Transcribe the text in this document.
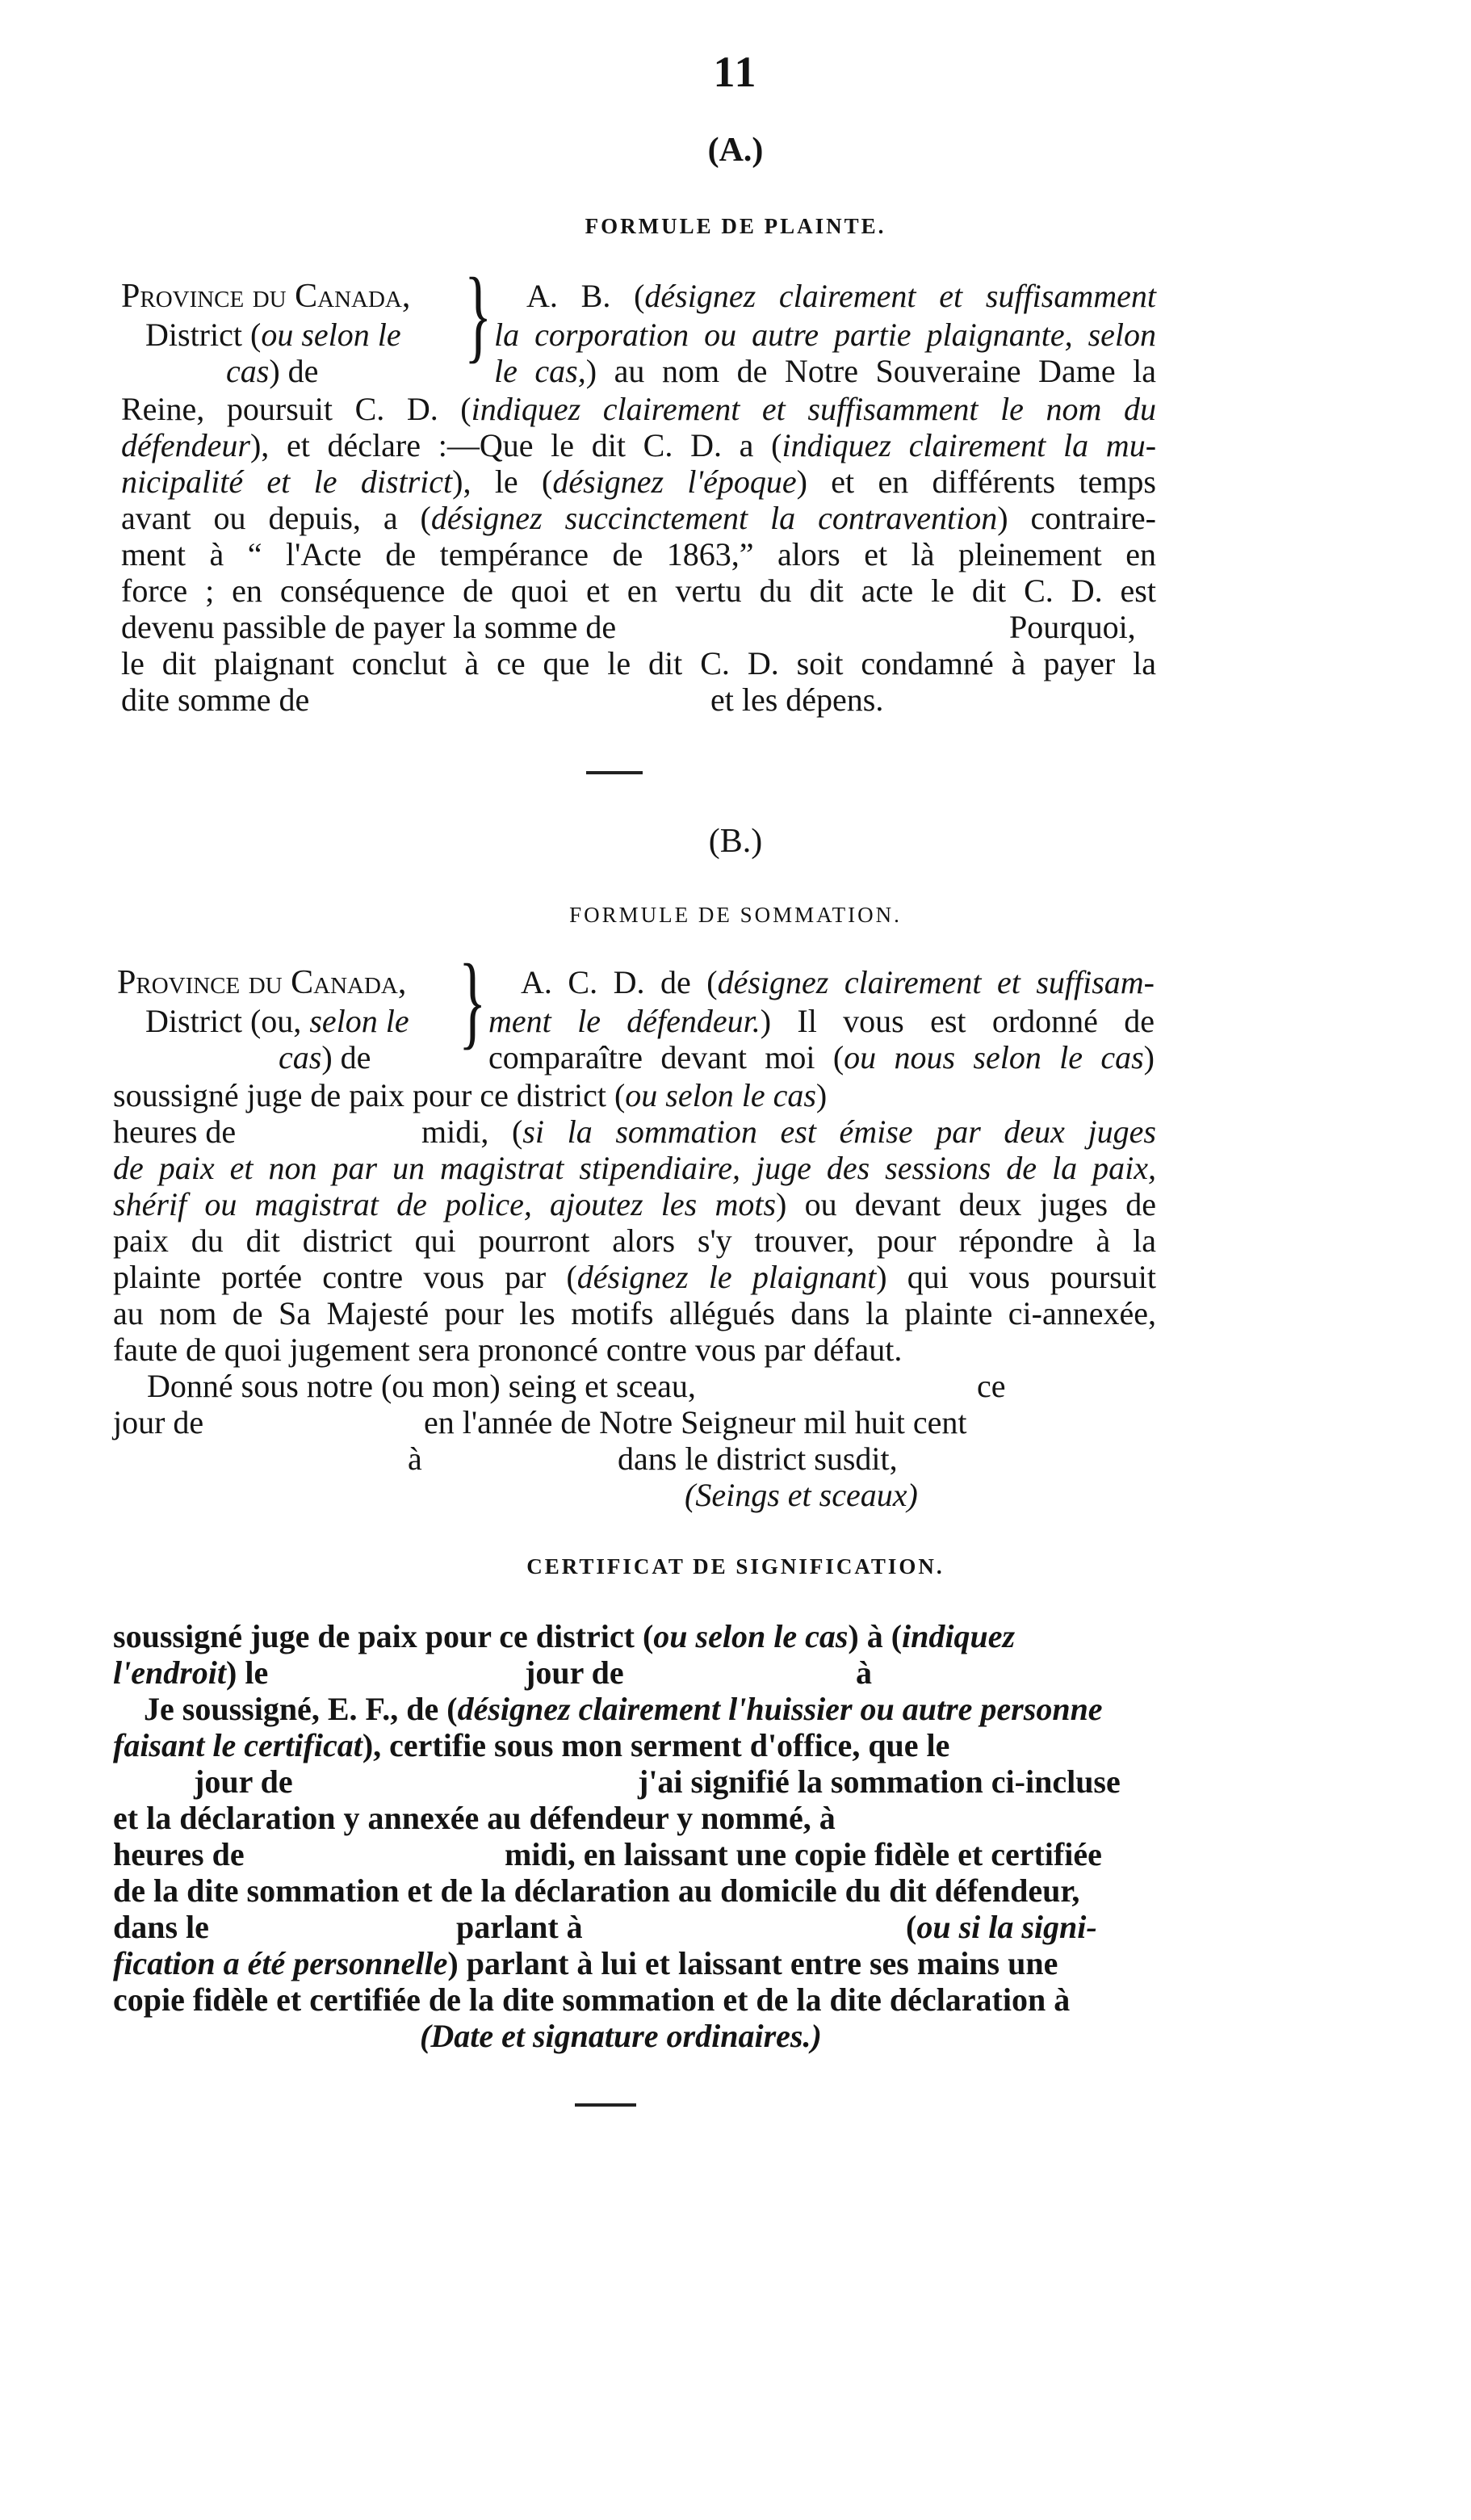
11
(A.)
FORMULE DE PLAINTE.
Province du Canada,
District (ou selon le
cas) de } A. B. (désignez clairement et suffisamment
la corporation ou autre partie plaignante, selon
le cas,) au nom de Notre Souveraine Dame la
Reine, poursuit C. D. (indiquez clairement et suffisamment le nom du
défendeur), et déclare :—Que le dit C. D. a (indiquez clairement la mu-
nicipalité et le district), le (désignez l'époque) et en différents temps
avant ou depuis, a (désignez succinctement la contravention) contraire-
ment à “ l'Acte de tempérance de 1863,” alors et là pleinement en
force ; en conséquence de quoi et en vertu du dit acte le dit C. D. est
devenu passible de payer la somme de	Pourquoi,
le dit plaignant conclut à ce que le dit C. D. soit condamné à payer la
dite somme de	et les dépens.
(B.)
FORMULE DE SOMMATION.
Province du Canada,
District (ou, selon le
cas) de } A. C. D. de (désignez clairement et suffisam-
ment le défendeur.) Il vous est ordonné de
comparaître devant moi (ou nous selon le cas)
soussigné juge de paix pour ce district (ou selon le cas)
heures de	midi, (si la sommation est émise par deux juges
de paix et non par un magistrat stipendiaire, juge des sessions de la paix,
shérif ou magistrat de police, ajoutez les mots) ou devant deux juges de
paix du dit district qui pourront alors s'y trouver, pour répondre à la
plainte portée contre vous par (désignez le plaignant) qui vous poursuit
au nom de Sa Majesté pour les motifs allégués dans la plainte ci-annexée,
faute de quoi jugement sera prononcé contre vous par défaut.
Donné sous notre (ou mon) seing et sceau,	ce
jour de	en l'année de Notre Seigneur mil huit cent
à	dans le district susdit,
(Seings et sceaux)
CERTIFICAT DE SIGNIFICATION.
soussigné juge de paix pour ce district (ou selon le cas) à (indiquez
l'endroit) le	jour de	à
Je soussigné, E. F., de (désignez clairement l'huissier ou autre personne
faisant le certificat), certifie sous mon serment d'office, que le
jour de	j'ai signifié la sommation ci-incluse
et la déclaration y annexée au défendeur y nommé, à
heures de	midi, en laissant une copie fidèle et certifiée
de la dite sommation et de la déclaration au domicile du dit défendeur,
dans le	parlant à	(ou si la signi-
fication a été personnelle) parlant à lui et laissant entre ses mains une
copie fidèle et certifiée de la dite sommation et de la dite déclaration à
(Date et signature ordinaires.)
